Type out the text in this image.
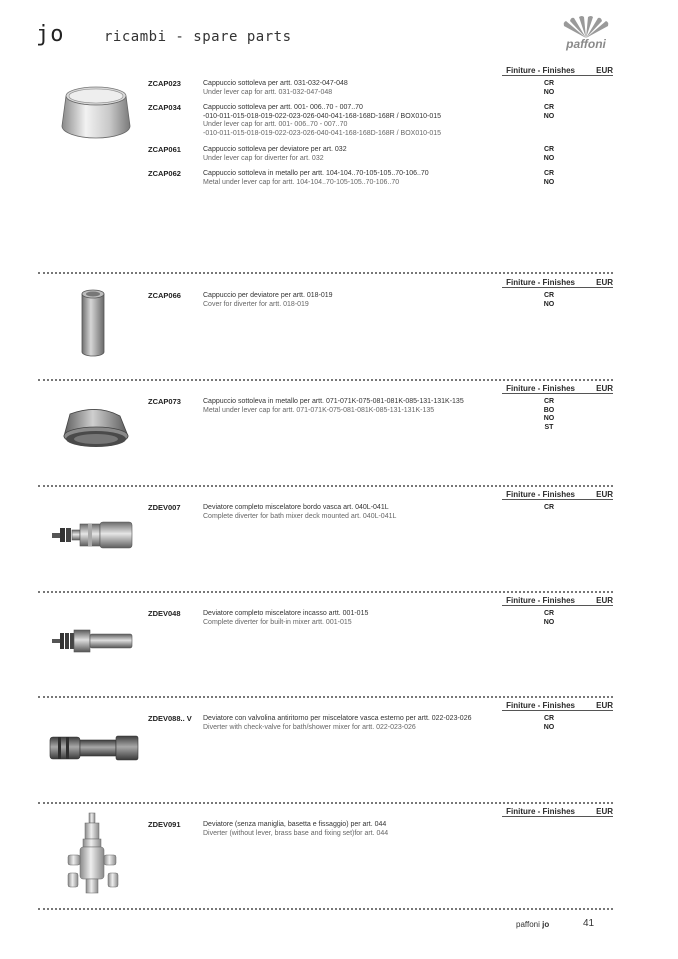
jo	ricambi - spare parts	paffoni
Finiture - Finishes	EUR
ZCAP023	Cappuccio sottoleva per artt. 031-032-047-048
Under lever cap for artt. 031-032-047-048
CR
NO
ZCAP034	Cappuccio sottoleva per artt. 001- 006..70 - 007..70
-010-011-015-018-019-022-023-026-040-041-168-168D-168R / BOX010-015
Under lever cap for artt. 001- 006..70 - 007..70
-010-011-015-018-019-022-023-026-040-041-168-168D-168R / BOX010-015
CR
NO
ZCAP061	Cappuccio sottoleva per deviatore per art. 032
Under lever cap for diverter for art. 032
CR
NO
ZCAP062	Cappuccio sottoleva in metallo per artt. 104-104..70-105-105..70-106..70
Metal under lever cap for artt. 104-104..70-105-105..70-106..70
CR
NO
Finiture - Finishes	EUR
ZCAP066	Cappuccio per deviatore per artt. 018-019
Cover for diverter for artt. 018-019
CR
NO
Finiture - Finishes	EUR
ZCAP073	Cappuccio sottoleva in metallo per artt. 071-071K-075-081-081K-085-131-131K-135
Metal under lever cap for artt. 071-071K-075-081-081K-085-131-131K-135
CR
BO
NO
ST
Finiture - Finishes	EUR
ZDEV007	Deviatore completo miscelatore bordo vasca art. 040L-041L
Complete diverter for bath mixer deck mounted art. 040L-041L
CR
Finiture - Finishes	EUR
ZDEV048	Deviatore completo miscelatore incasso artt. 001-015
Complete diverter for built-in mixer artt. 001-015
CR
NO
Finiture - Finishes	EUR
ZDEV088.. V Deviatore con valvolina antiritorno per miscelatore vasca esterno per artt. 022-023-026
Diverter with check-valve for bath/shower mixer for artt. 022-023-026
CR
NO
Finiture - Finishes	EUR
ZDEV091	Deviatore (senza maniglia, basetta e fissaggio) per art. 044
Diverter (without lever, brass base and fixing set)for art. 044
paffoni jo	41
